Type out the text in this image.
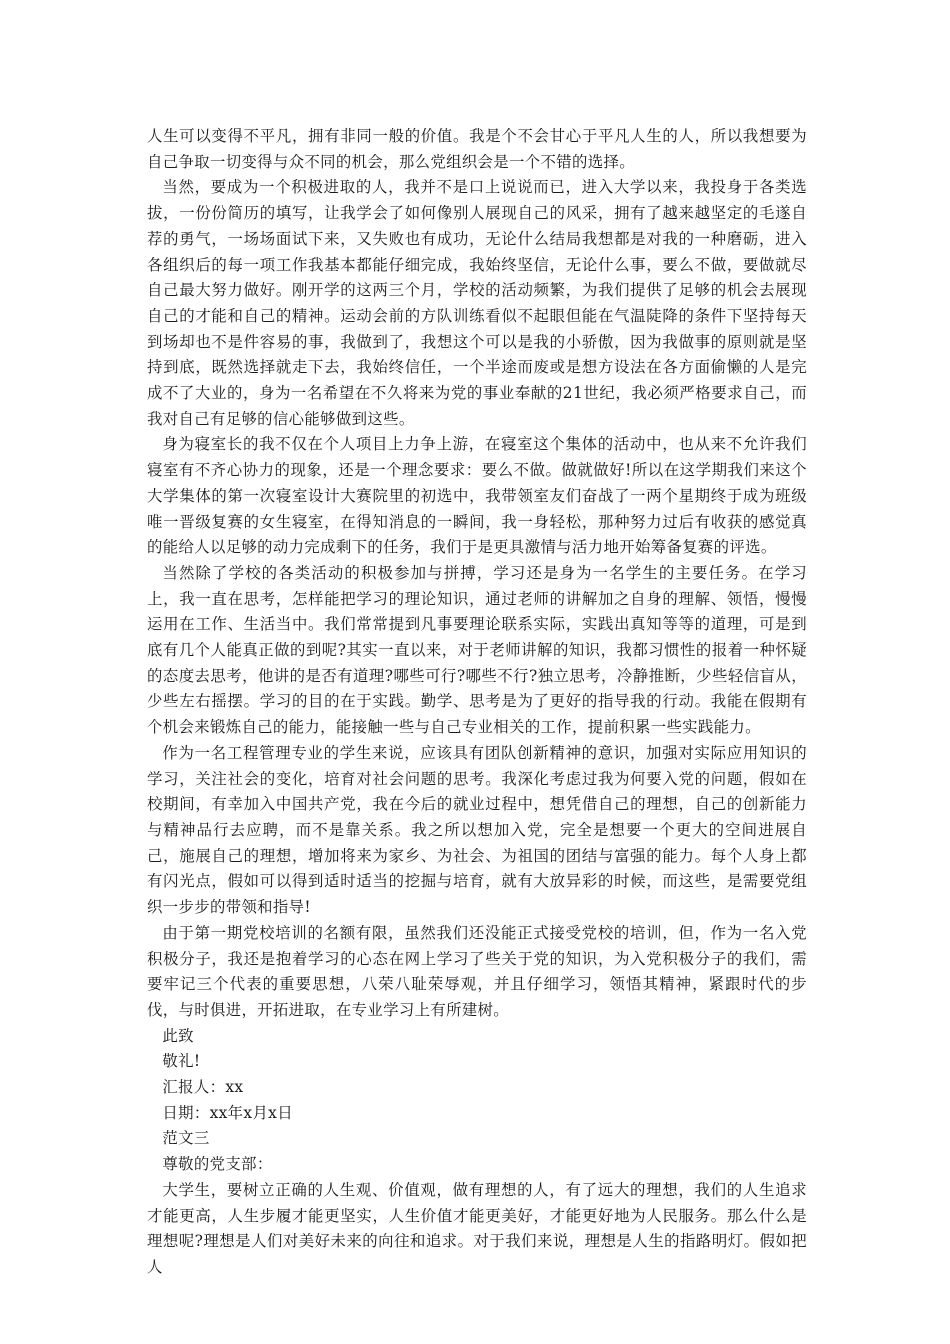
人生可以变得不平凡，拥有非同一般的价值。我是个不会甘心于平凡人生的人，所以我想要为自己争取一切变得与众不同的机会，那么党组织会是一个不错的选择。

当然，要成为一个积极进取的人，我并不是口上说说而已，进入大学以来，我投身于各类选拔，一份份简历的填写，让我学会了如何像别人展现自己的风采，拥有了越来越坚定的毛遂自荐的勇气，一场场面试下来，又失败也有成功，无论什么结局我想都是对我的一种磨砺，进入各组织后的每一项工作我基本都能仔细完成，我始终坚信，无论什么事，要么不做，要做就尽自己最大努力做好。刚开学的这两三个月，学校的活动频繁，为我们提供了足够的机会去展现自己的才能和自己的精神。运动会前的方队训练看似不起眼但能在气温陡降的条件下坚持每天到场却也不是件容易的事，我做到了，我想这个可以是我的小骄傲，因为我做事的原则就是坚持到底，既然选择就走下去，我始终信任，一个半途而废或是想方设法在各方面偷懒的人是完成不了大业的，身为一名希望在不久将来为党的事业奉献的21世纪，我必须严格要求自己，而我对自己有足够的信心能够做到这些。

身为寝室长的我不仅在个人项目上力争上游，在寝室这个集体的活动中，也从来不允许我们寝室有不齐心协力的现象，还是一个理念要求：要么不做。做就做好!所以在这学期我们来这个大学集体的第一次寝室设计大赛院里的初选中，我带领室友们奋战了一两个星期终于成为班级唯一晋级复赛的女生寝室，在得知消息的一瞬间，我一身轻松，那种努力过后有收获的感觉真的能给人以足够的动力完成剩下的任务，我们于是更具激情与活力地开始筹备复赛的评选。

当然除了学校的各类活动的积极参加与拼搏，学习还是身为一名学生的主要任务。在学习上，我一直在思考，怎样能把学习的理论知识，通过老师的讲解加之自身的理解、领悟，慢慢运用在工作、生活当中。我们常常提到凡事要理论联系实际，实践出真知等等的道理，可是到底有几个人能真正做的到呢?其实一直以来，对于老师讲解的知识，我都习惯性的报着一种怀疑的态度去思考，他讲的是否有道理?哪些可行?哪些不行?独立思考，冷静推断，少些轻信盲从，少些左右摇摆。学习的目的在于实践。勤学、思考是为了更好的指导我的行动。我能在假期有个机会来锻炼自己的能力，能接触一些与自己专业相关的工作，提前积累一些实践能力。

作为一名工程管理专业的学生来说，应该具有团队创新精神的意识，加强对实际应用知识的学习，关注社会的变化，培育对社会问题的思考。我深化考虑过我为何要入党的问题，假如在校期间，有幸加入中国共产党，我在今后的就业过程中，想凭借自己的理想，自己的创新能力与精神品行去应聘，而不是靠关系。我之所以想加入党，完全是想要一个更大的空间进展自己，施展自己的理想，增加将来为家乡、为社会、为祖国的团结与富强的能力。每个人身上都有闪光点，假如可以得到适时适当的挖掘与培育，就有大放异彩的时候，而这些，是需要党组织一步步的带领和指导!

由于第一期党校培训的名额有限，虽然我们还没能正式接受党校的培训，但，作为一名入党积极分子，我还是抱着学习的心态在网上学习了些关于党的知识，为入党积极分子的我们，需要牢记三个代表的重要思想，八荣八耻荣辱观，并且仔细学习，领悟其精神，紧跟时代的步伐，与时俱进，开拓进取，在专业学习上有所建树。

此致

敬礼!

汇报人：xx

日期：xx年x月x日

范文三

尊敬的党支部：

大学生，要树立正确的人生观、价值观，做有理想的人，有了远大的理想，我们的人生追求才能更高，人生步履才能更坚实，人生价值才能更美好，才能更好地为人民服务。那么什么是理想呢?理想是人们对美好未来的向往和追求。对于我们来说，理想是人生的指路明灯。假如把人
